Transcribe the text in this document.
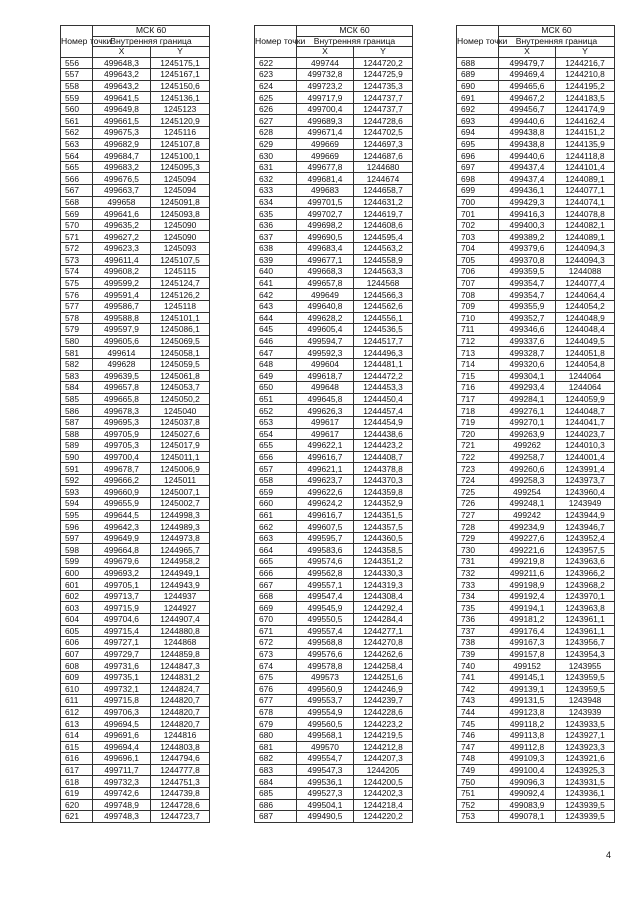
Номер точки	МСК 60	
	Внутренняя граница	
	X	Y
556	499648,3	1245175,1
557	499643,2	1245167,1
558	499643,2	1245150,6
559	499641,5	1245136,1
560	499649,8	1245123
561	499661,5	1245120,9
562	499675,3	1245116
563	499682,9	1245107,8
564	499684,7	1245100,1
565	499683,2	1245095,3
566	499676,5	1245094
567	499663,7	1245094
568	499658	1245091,8
569	499641,6	1245093,8
570	499635,2	1245090
571	499627,2	1245090
572	499623,3	1245093
573	499611,4	1245107,5
574	499608,2	1245115
575	499599,2	1245124,7
576	499591,4	1245126,2
577	499586,7	1245118
578	499588,8	1245101,1
579	499597,9	1245086,1
580	499605,6	1245069,5
581	499614	1245058,1
582	499628	1245059,5
583	499639,5	1245061,8
584	499657,8	1245053,7
585	499665,8	1245050,2
586	499678,3	1245040
587	499695,3	1245037,8
588	499705,9	1245027,6
589	499705,3	1245017,9
590	499700,4	1245011,1
591	499678,7	1245006,9
592	499666,2	1245011
593	499660,9	1245007,1
594	499655,9	1245002,7
595	499644,5	1244998,3
596	499642,3	1244989,3
597	499649,9	1244973,8
598	499664,8	1244965,7
599	499679,6	1244958,2
600	499693,2	1244949,1
601	499705,1	1244943,9
602	499713,7	1244937
603	499715,9	1244927
604	499704,6	1244907,4
605	499715,4	1244880,8
606	499727,1	1244868
607	499729,7	1244859,8
608	499731,6	1244847,3
609	499735,1	1244831,2
610	499732,1	1244824,7
611	499715,8	1244820,7
612	499706,3	1244820,7
613	499694,5	1244820,7
614	499691,6	1244816
615	499694,4	1244803,8
616	499696,1	1244794,6
617	499711,7	1244777,8
618	499732,3	1244751,3
619	499742,6	1244739,8
620	499748,9	1244728,6
621	499748,3	1244723,7
Номер точки	МСК 60	
	Внутренняя граница	
	X	Y
622	499744	1244720,2
623	499732,8	1244725,9
624	499723,2	1244735,3
625	499717,9	1244737,7
626	499700,4	1244737,7
627	499689,3	1244728,6
628	499671,4	1244702,5
629	499669	1244697,3
630	499669	1244687,6
631	499677,8	1244680
632	499681,4	1244674
633	499683	1244658,7
634	499701,5	1244631,2
635	499702,7	1244619,7
636	499698,2	1244608,6
637	499690,5	1244595,4
638	499683,4	1244563,2
639	499677,1	1244558,9
640	499668,3	1244563,3
641	499657,8	1244568
642	499649	1244566,3
643	499640,8	1244562,6
644	499628,2	1244556,1
645	499605,4	1244536,5
646	499594,7	1244517,7
647	499592,3	1244496,3
648	499604	1244481,1
649	499618,7	1244472,2
650	499648	1244453,3
651	499645,8	1244450,4
652	499626,3	1244457,4
653	499617	1244454,9
654	499617	1244438,6
655	499622,1	1244423,2
656	499616,7	1244408,7
657	499621,1	1244378,8
658	499623,7	1244370,3
659	499622,6	1244359,8
660	499624,2	1244352,9
661	499616,7	1244351,5
662	499607,5	1244357,5
663	499595,7	1244360,5
664	499583,6	1244358,5
665	499574,6	1244351,2
666	499562,8	1244330,3
667	499557,1	1244319,3
668	499547,4	1244308,4
669	499545,9	1244292,4
670	499550,5	1244284,4
671	499557,4	1244277,1
672	499568,8	1244270,8
673	499576,6	1244262,6
674	499578,8	1244258,4
675	499573	1244251,6
676	499560,9	1244246,9
677	499553,7	1244239,7
678	499554,9	1244228,6
679	499560,5	1244223,2
680	499568,1	1244219,5
681	499570	1244212,8
682	499554,7	1244207,3
683	499547,3	1244205
684	499536,1	1244200,5
685	499527,3	1244202,3
686	499504,1	1244218,4
687	499490,5	1244220,2
Номер точки	МСК 60	
	Внутренняя граница	
	X	Y
688	499479,7	1244216,7
689	499469,4	1244210,8
690	499465,6	1244195,2
691	499467,2	1244183,5
692	499456,7	1244174,9
693	499440,6	1244162,4
694	499438,8	1244151,2
695	499438,8	1244135,9
696	499440,6	1244118,8
697	499437,4	1244101,4
698	499437,4	1244089,1
699	499436,1	1244077,1
700	499429,3	1244074,1
701	499416,3	1244078,8
702	499400,3	1244082,1
703	499389,2	1244089,1
704	499379,6	1244094,3
705	499370,8	1244094,3
706	499359,5	1244088
707	499354,7	1244077,4
708	499354,7	1244064,4
709	499355,9	1244054,2
710	499352,7	1244048,9
711	499346,6	1244048,4
712	499337,6	1244049,5
713	499328,7	1244051,8
714	499320,6	1244054,8
715	499304,1	1244064
716	499293,4	1244064
717	499284,1	1244059,9
718	499276,1	1244048,7
719	499270,1	1244041,7
720	499263,9	1244023,7
721	499262	1244010,3
722	499258,7	1244001,4
723	499260,6	1243991,4
724	499258,3	1243973,7
725	499254	1243960,4
726	499248,1	1243949
727	499242	1243944,9
728	499234,9	1243946,7
729	499227,6	1243952,4
730	499221,6	1243957,5
731	499219,8	1243963,6
732	499211,6	1243966,2
733	499198,9	1243968,2
734	499192,4	1243970,1
735	499194,1	1243963,8
736	499181,2	1243961,1
737	499176,4	1243961,1
738	499167,3	1243956,7
739	499157,8	1243954,3
740	499152	1243955
741	499145,1	1243959,5
742	499139,1	1243959,5
743	499131,5	1243948
744	499123,8	1243939
745	499118,2	1243933,5
746	499113,8	1243927,1
747	499112,8	1243923,3
748	499109,3	1243921,6
749	499100,4	1243925,3
750	499096,3	1243931,5
751	499092,4	1243936,1
752	499083,9	1243939,5
753	499078,1	1243939,5
4
